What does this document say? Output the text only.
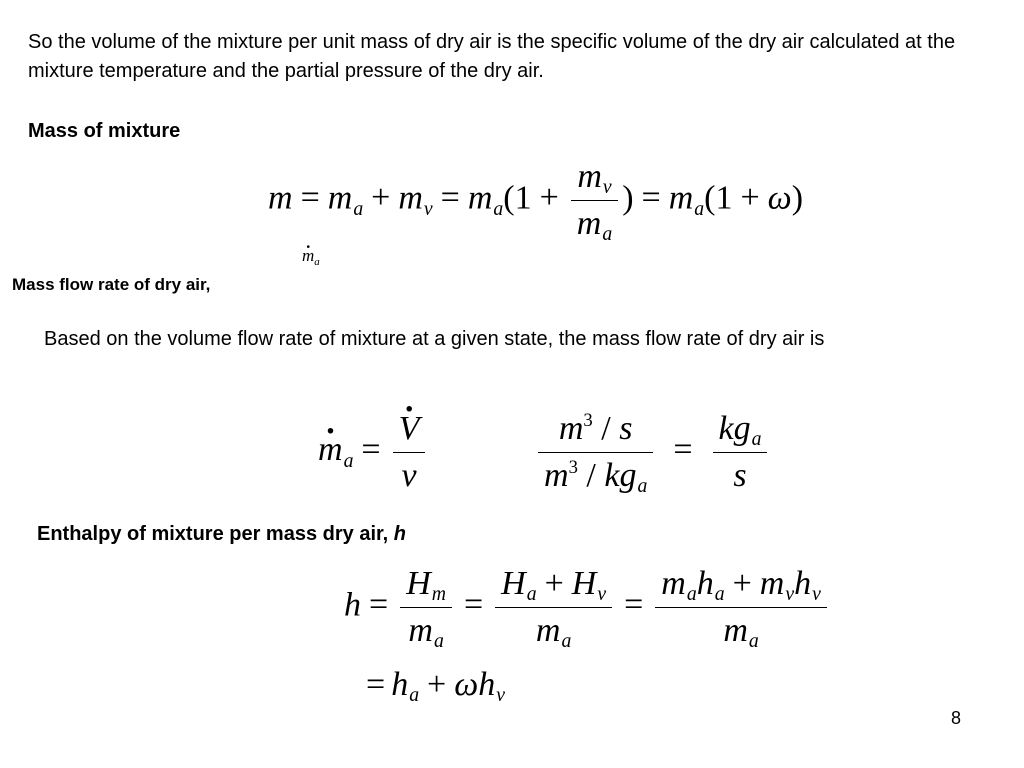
So the volume of the mixture per unit mass of dry air is the specific volume of the dry air calculated at the mixture temperature and the partial pressure of the dry air.
Mass of mixture
m = ma + mv = $ma(1 + \frac{mv}{ma}$ ) = ma(1 + ω)
· $m_a$
Mass flow rate of dry air,
Based on the volume flow rate of mixture at a given state, the mass flow rate of dry air is
· ma =
· $\frac{V}{v}$	$\frac{m^3 / s}{m^3 / kga} = \frac{\text{kga}}{s}$
Enthalpy of mixture per mass dry air, h
$h = \frac{Hm}{ma} = \frac{Ha + Hv}{ma} = \frac{\text{maha + mvhv}}{ma}$
= ha + ωhv
8
